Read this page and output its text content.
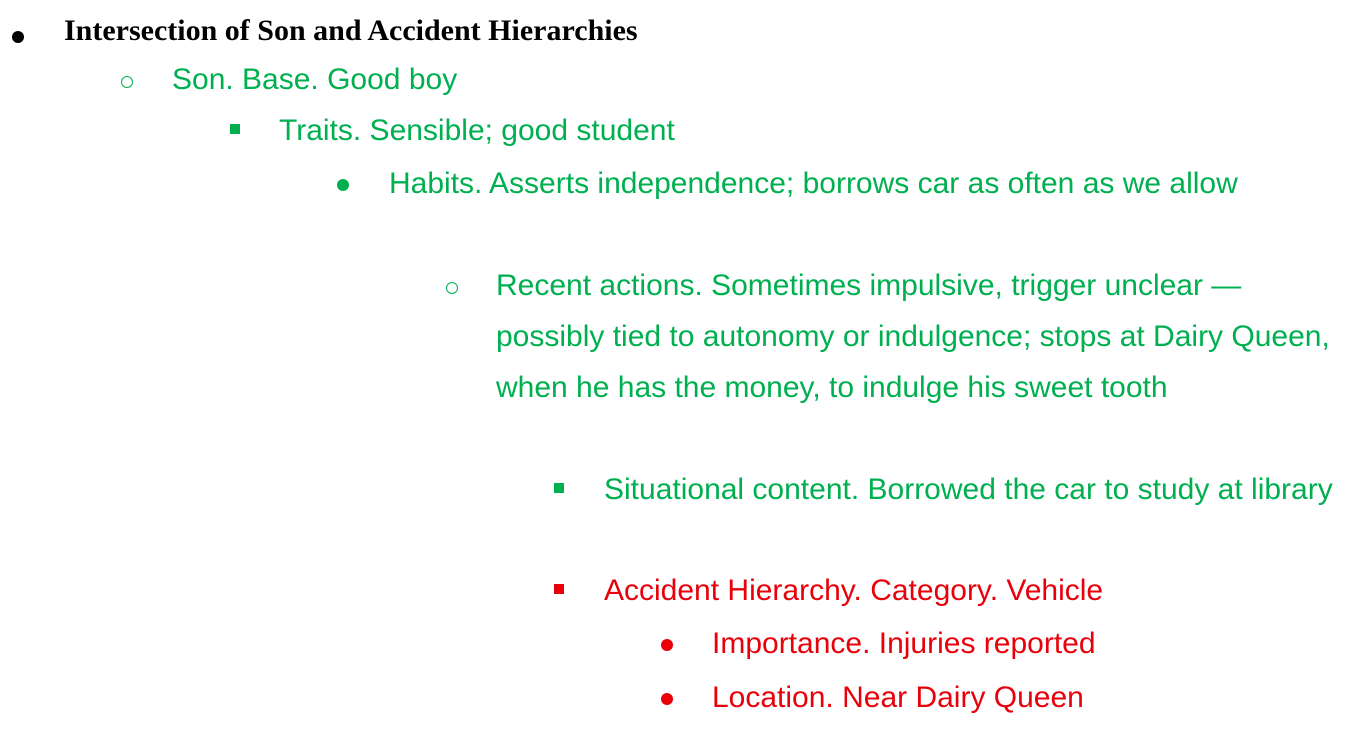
Intersection of Son and Accident Hierarchies
Son. Base. Good boy
Traits. Sensible; good student
Habits. Asserts independence; borrows car as often as we allow
Recent actions. Sometimes impulsive, trigger unclear — possibly tied to autonomy or indulgence; stops at Dairy Queen, when he has the money, to indulge his sweet tooth
Situational content. Borrowed the car to study at library
Accident Hierarchy. Category. Vehicle
Importance. Injuries reported
Location. Near Dairy Queen
